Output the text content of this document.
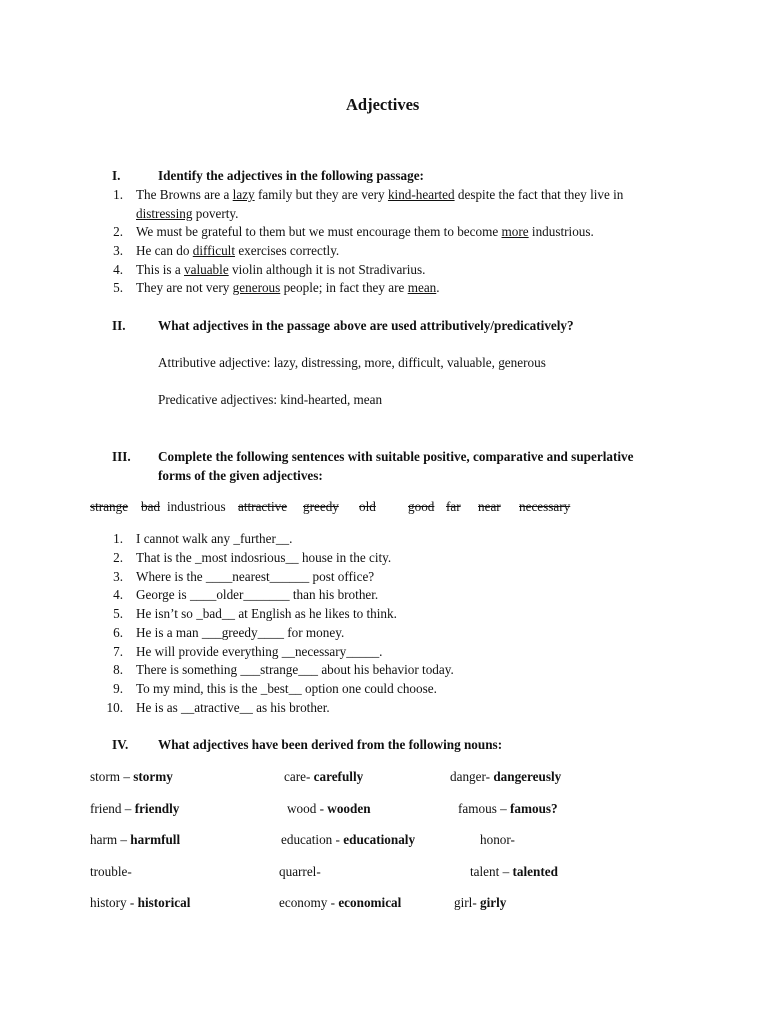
Adjectives
I.	Identify the adjectives in the following passage:
1. The Browns are a lazy family but they are very kind-hearted despite the fact that they live in
distressing poverty.
2. We must be grateful to them but we must encourage them to become more industrious.
3. He can do difficult exercises correctly.
4. This is a valuable violin although it is not Stradivarius.
5. They are not very generous people; in fact they are mean.
II. What adjectives in the passage above are used attributively/predicatively?
Attributive adjective: lazy, distressing, more, difficult, valuable, generous
Predicative adjectives: kind-hearted, mean
III. Complete the following sentences with suitable positive, comparative and superlative
forms of the given adjectives:
strange bad industrious attractive greedy old good far near necessary
1. I cannot walk any _further__.
2. That is the _most indosrious__ house in the city.
3. Where is the ____nearest______ post office?
4. George is ____older_______ than his brother.
5. He isn’t so _bad__ at English as he likes to think.
6. He is a man ___greedy____ for money.
7. He will provide everything __necessary_____.
8. There is something ___strange___ about his behavior today.
9. To my mind, this is the _best__ option one could choose.
10. He is as __atractive__ as his brother.
IV. What adjectives have been derived from the following nouns:
storm – stormy	care- carefully	danger- dangereusly
friend – friendly	wood - wooden	famous – famous?
harm – harmfull	education - educationaly	honor-
trouble-	quarrel-	talent – talented
history - historical	economy - economical	girl- girly
